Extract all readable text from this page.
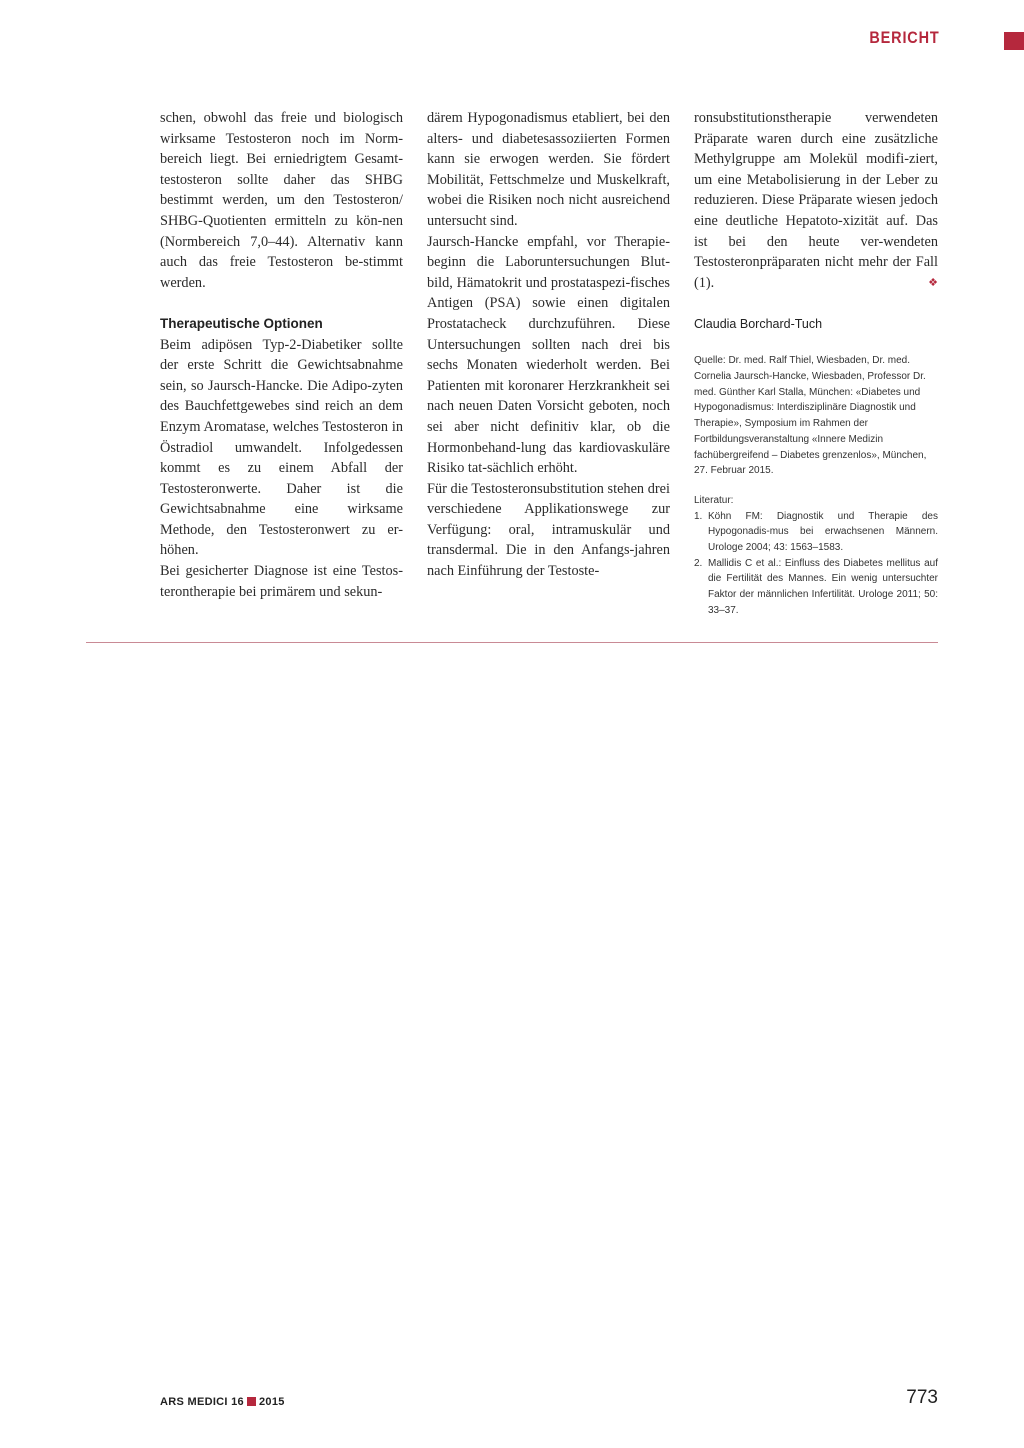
BERICHT

schen, obwohl das freie und biologisch wirksame Testosteron noch im Norm-bereich liegt. Bei erniedrigtem Gesamt-testosteron sollte daher das SHBG bestimmt werden, um den Testosteron/ SHBG-Quotienten ermitteln zu kön-nen (Normbereich 7,0–44). Alternativ kann auch das freie Testosteron be-stimmt werden.

Therapeutische Optionen

Beim adipösen Typ-2-Diabetiker sollte der erste Schritt die Gewichtsabnahme sein, so Jaursch-Hancke. Die Adipo-zyten des Bauchfettgewebes sind reich an dem Enzym Aromatase, welches Testosteron in Östradiol umwandelt. Infolgedessen kommt es zu einem Abfall der Testosteronwerte. Daher ist die Gewichtsabnahme eine wirksame Methode, den Testosteronwert zu er-höhen.

Bei gesicherter Diagnose ist eine Testos-terontherapie bei primärem und sekun-

därem Hypogonadismus etabliert, bei den alters- und diabetesassoziierten Formen kann sie erwogen werden. Sie fördert Mobilität, Fettschmelze und Muskelkraft, wobei die Risiken noch nicht ausreichend untersucht sind.

Jaursch-Hancke empfahl, vor Therapie-beginn die Laboruntersuchungen Blut-bild, Hämatokrit und prostataspezi-fisches Antigen (PSA) sowie einen digitalen Prostatacheck durchzuführen. Diese Untersuchungen sollten nach drei bis sechs Monaten wiederholt werden. Bei Patienten mit koronarer Herzkrankheit sei nach neuen Daten Vorsicht geboten, noch sei aber nicht definitiv klar, ob die Hormonbehand-lung das kardiovaskuläre Risiko tat-sächlich erhöht.

Für die Testosteronsubstitution stehen drei verschiedene Applikationswege zur Verfügung: oral, intramuskulär und transdermal. Die in den Anfangs-jahren nach Einführung der Testoste-

ronsubstitutionstherapie verwendeten Präparate waren durch eine zusätzliche Methylgruppe am Molekül modifi-ziert, um eine Metabolisierung in der Leber zu reduzieren. Diese Präparate wiesen jedoch eine deutliche Hepatoto-xizität auf. Das ist bei den heute ver-wendeten Testosteronpräparaten nicht mehr der Fall (1).	❖

Claudia Borchard-Tuch
Quelle: Dr. med. Ralf Thiel, Wiesbaden, Dr. med. Cornelia Jaursch-Hancke, Wiesbaden, Professor Dr. med. Günther Karl Stalla, München: «Diabetes und Hypogonadismus: Interdisziplinäre Diagnostik und Therapie», Symposium im Rahmen der Fortbildungsveranstaltung «Innere Medizin fachübergreifend – Diabetes grenzenlos», München, 27. Februar 2015.
Literatur:
1. Köhn FM: Diagnostik und Therapie des Hypogonadis-mus bei erwachsenen Männern. Urologe 2004; 43: 1563–1583.
2. Mallidis C et al.: Einfluss des Diabetes mellitus auf die Fertilität des Mannes. Ein wenig untersuchter Faktor der männlichen Infertilität. Urologe 2011; 50: 33–37.
ARS MEDICI 16 2015	773
